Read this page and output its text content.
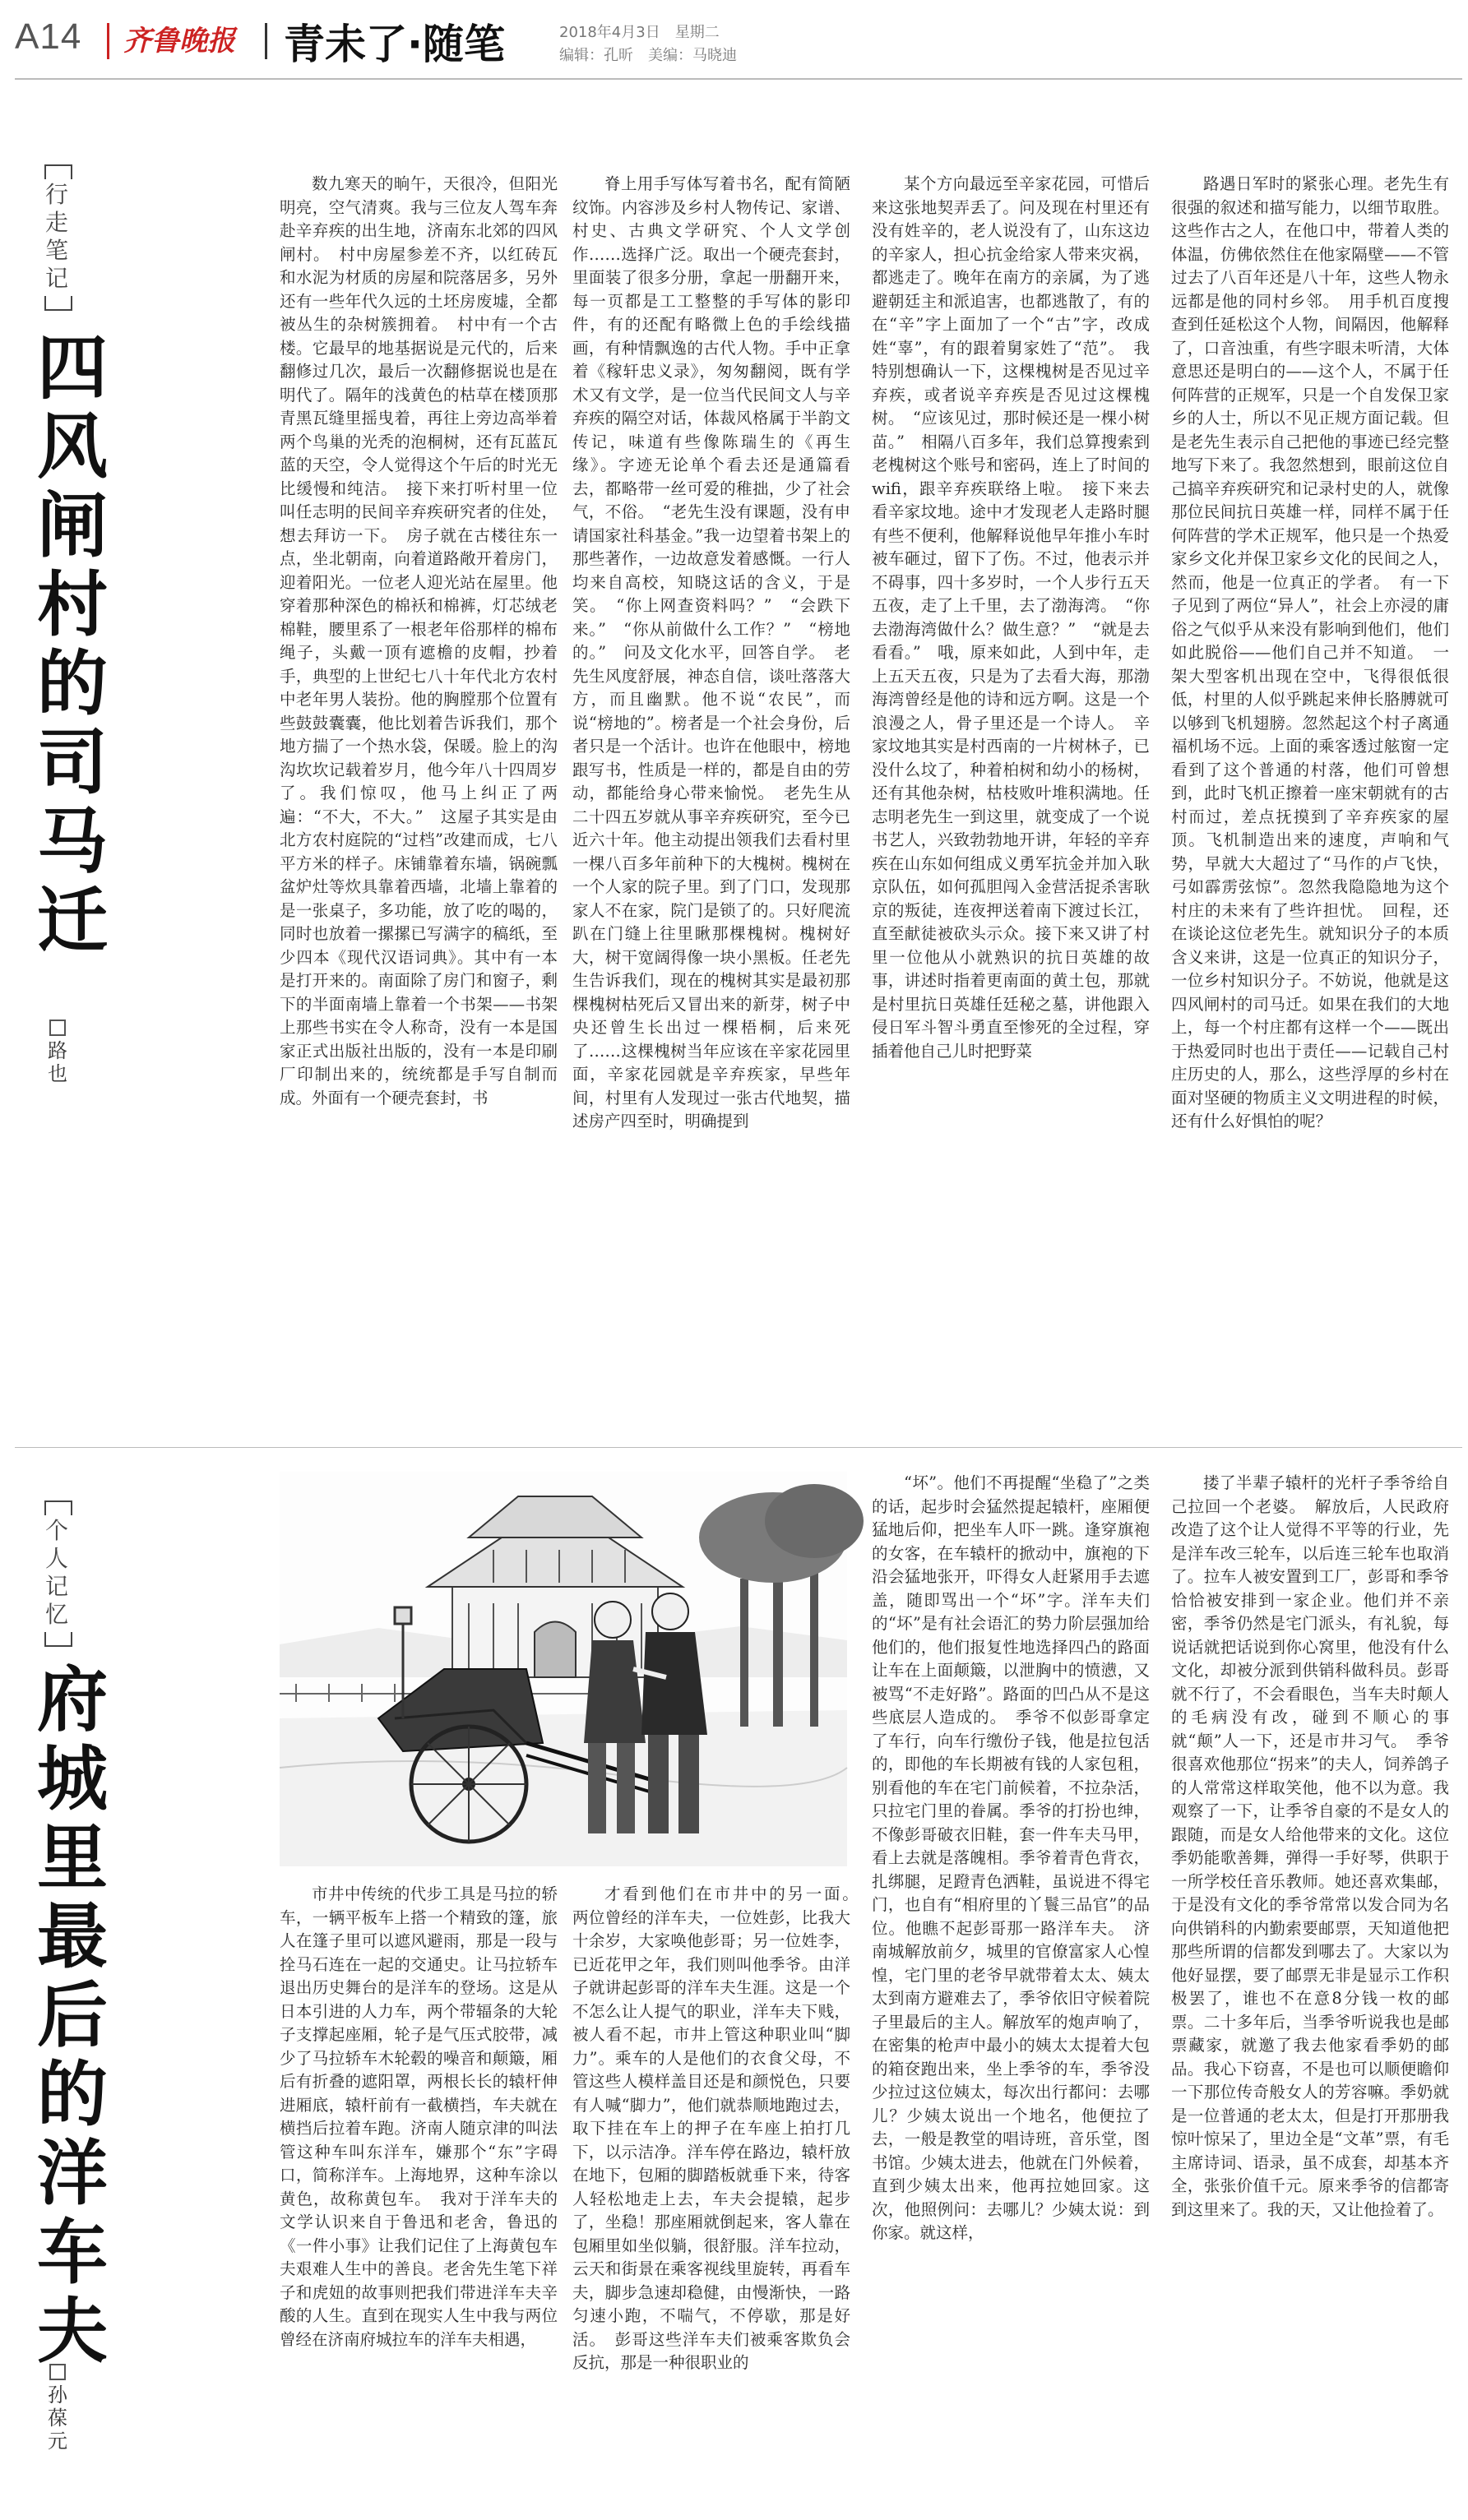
A14 齐鲁晚报 青未了·随笔	2018年4月3日　星期二
编辑：孔昕　美编：马晓迪
行走笔记
四风闸村的司马迁
路也

数九寒天的晌午，天很冷，但阳光明亮，空气清爽。我与三位友人驾车奔赴辛弃疾的出生地，济南东北郊的四风闸村。　村中房屋参差不齐，以红砖瓦和水泥为材质的房屋和院落居多，另外还有一些年代久远的土坯房废墟，全都被丛生的杂树簇拥着。　村中有一个古楼。它最早的地基据说是元代的，后来翻修过几次，最后一次翻修据说也是在明代了。隔年的浅黄色的枯草在楼顶那青黑瓦缝里摇曳着，再往上旁边高举着两个鸟巢的光秃的泡桐树，还有瓦蓝瓦蓝的天空，令人觉得这个午后的时光无比缓慢和纯洁。　接下来打听村里一位叫任志明的民间辛弃疾研究者的住处，想去拜访一下。　房子就在古楼往东一点，坐北朝南，向着道路敞开着房门，迎着阳光。一位老人迎光站在屋里。他穿着那种深色的棉袄和棉裤，灯芯绒老棉鞋，腰里系了一根老年俗那样的棉布绳子，头戴一顶有遮檐的皮帽，抄着手，典型的上世纪七八十年代北方农村中老年男人装扮。他的胸膛那个位置有些鼓鼓囊囊，他比划着告诉我们，那个地方揣了一个热水袋，保暖。脸上的沟沟坎坎记载着岁月，他今年八十四周岁了。我们惊叹，他马上纠正了两遍：“不大，不大。”　这屋子其实是由北方农村庭院的“过档”改建而成，七八平方米的样子。床铺靠着东墙，锅碗瓢盆炉灶等炊具靠着西墙，北墙上靠着的是一张桌子，多功能，放了吃的喝的，同时也放着一摞摞已写满字的稿纸，至少四本《现代汉语词典》。其中有一本是打开来的。南面除了房门和窗子，剩下的半面南墙上靠着一个书架——书架上那些书实在令人称奇，没有一本是国家正式出版社出版的，没有一本是印刷厂印制出来的，统统都是手写自制而成。外面有一个硬壳套封，书

脊上用手写体写着书名，配有简陋纹饰。内容涉及乡村人物传记、家谱、村史、古典文学研究、个人文学创作……选择广泛。取出一个硬壳套封，里面装了很多分册，拿起一册翻开来，每一页都是工工整整的手写体的影印件，有的还配有略微上色的手绘线描画，有种情飘逸的古代人物。手中正拿着《稼轩忠义录》，匆匆翻阅，既有学术又有文学，是一位当代民间文人与辛弃疾的隔空对话，体裁风格属于半韵文传记，味道有些像陈瑞生的《再生缘》。字迹无论单个看去还是通篇看去，都略带一丝可爱的稚拙，少了社会气，不俗。　“老先生没有课题，没有申请国家社科基金。”我一边望着书架上的那些著作，一边故意发着感慨。一行人均来自高校，知晓这话的含义，于是笑。　“你上网查资料吗？”　“会跌下来。”　“你从前做什么工作？”　“榜地的。”　问及文化水平，回答自学。　老先生风度舒展，神态自信，谈吐落落大方，而且幽默。他不说“农民”，而说“榜地的”。榜者是一个社会身份，后者只是一个活计。也许在他眼中，榜地跟写书，性质是一样的，都是自由的劳动，都能给身心带来愉悦。　老先生从二十四五岁就从事辛弃疾研究，至今已近六十年。他主动提出领我们去看村里一棵八百多年前种下的大槐树。槐树在一个人家的院子里。到了门口，发现那家人不在家，院门是锁了的。只好爬流趴在门缝上往里瞅那棵槐树。槐树好大，树干宽阔得像一块小黑板。任老先生告诉我们，现在的槐树其实是最初那棵槐树枯死后又冒出来的新芽，树子中央还曾生长出过一棵梧桐，后来死了……这棵槐树当年应该在辛家花园里面，辛家花园就是辛弃疾家，早些年间，村里有人发现过一张古代地契，描述房产四至时，明确提到

某个方向最远至辛家花园，可惜后来这张地契弄丢了。问及现在村里还有没有姓辛的，老人说没有了，山东这边的辛家人，担心抗金给家人带来灾祸，都逃走了。晚年在南方的亲属，为了逃避朝廷主和派追害，也都逃散了，有的在“辛”字上面加了一个“古”字，改成姓“辜”，有的跟着舅家姓了“范”。　我特别想确认一下，这棵槐树是否见过辛弃疾，或者说辛弃疾是否见过这棵槐树。　“应该见过，那时候还是一棵小树苗。”　相隔八百多年，我们总算搜索到老槐树这个账号和密码，连上了时间的wifi，跟辛弃疾联络上啦。　接下来去看辛家坟地。途中才发现老人走路时腿有些不便利，他解释说他早年推小车时被车砸过，留下了伤。不过，他表示并不碍事，四十多岁时，一个人步行五天五夜，走了上千里，去了渤海湾。　“你去渤海湾做什么？做生意？”　“就是去看看。”　哦，原来如此，人到中年，走上五天五夜，只是为了去看大海，那渤海湾曾经是他的诗和远方啊。这是一个浪漫之人，骨子里还是一个诗人。　辛家坟地其实是村西南的一片树林子，已没什么坟了，种着柏树和幼小的杨树，还有其他杂树，枯枝败叶堆积满地。任志明老先生一到这里，就变成了一个说书艺人，兴致勃勃地开讲，年轻的辛弃疾在山东如何组成义勇军抗金并加入耿京队伍，如何孤胆闯入金营活捉杀害耿京的叛徒，连夜押送着南下渡过长江，直至献徒被砍头示众。接下来又讲了村里一位他从小就熟识的抗日英雄的故事，讲述时指着更南面的黄土包，那就是村里抗日英雄任廷秘之墓，讲他跟入侵日军斗智斗勇直至惨死的全过程，穿插着他自己儿时把野菜

路遇日军时的紧张心理。老先生有很强的叙述和描写能力，以细节取胜。这些作古之人，在他口中，带着人类的体温，仿佛依然住在他家隔壁——不管过去了八百年还是八十年，这些人物永远都是他的同村乡邻。　用手机百度搜查到任延松这个人物，间隔因，他解释了，口音浊重，有些字眼未听清，大体意思还是明白的——这个人，不属于任何阵营的正规军，只是一个自发保卫家乡的人士，所以不见正规方面记载。但是老先生表示自己把他的事迹已经完整地写下来了。我忽然想到，眼前这位自己搞辛弃疾研究和记录村史的人，就像那位民间抗日英雄一样，同样不属于任何阵营的学术正规军，他只是一个热爱家乡文化并保卫家乡文化的民间之人，然而，他是一位真正的学者。　有一下子见到了两位“异人”，社会上亦浸的庸俗之气似乎从来没有影响到他们，他们如此脱俗——他们自己并不知道。　一架大型客机出现在空中，飞得很低很低，村里的人似乎跳起来伸长胳膊就可以够到飞机翅膀。忽然起这个村子离通福机场不远。上面的乘客透过舷窗一定看到了这个普通的村落，他们可曾想到，此时飞机正擦着一座宋朝就有的古村而过，差点抚摸到了辛弃疾家的屋顶。飞机制造出来的速度，声响和气势，早就大大超过了“马作的卢飞快，弓如霹雳弦惊”。忽然我隐隐地为这个村庄的未来有了些许担忧。　回程，还在谈论这位老先生。就知识分子的本质含义来讲，这是一位真正的知识分子，一位乡村知识分子。不妨说，他就是这四风闸村的司马迁。如果在我们的大地上，每一个村庄都有这样一个——既出于热爱同时也出于责任——记载自己村庄历史的人，那么，这些浮厚的乡村在面对坚硬的物质主义文明进程的时候，还有什么好惧怕的呢？

个人记忆
府城里最后的洋车夫
孙葆元

市井中传统的代步工具是马拉的轿车，一辆平板车上搭一个精致的篷，旅人在篷子里可以遮风避雨，那是一段与拴马石连在一起的交通史。让马拉轿车退出历史舞台的是洋车的登场。这是从日本引进的人力车，两个带辐条的大轮子支撑起座厢，轮子是气压式胶带，减少了马拉轿车木轮毂的噪音和颠簸，厢后有折叠的遮阳罩，两根长长的辕杆伸进厢底，辕杆前有一截横挡，车夫就在横挡后拉着车跑。济南人随京津的叫法管这种车叫东洋车，嫌那个“东”字碍口，简称洋车。上海地界，这种车涂以黄色，故称黄包车。　我对于洋车夫的文学认识来自于鲁迅和老舍，鲁迅的《一件小事》让我们记住了上海黄包车夫艰难人生中的善良。老舍先生笔下祥子和虎妞的故事则把我们带进洋车夫辛酸的人生。直到在现实人生中我与两位曾经在济南府城拉车的洋车夫相遇，

才看到他们在市井中的另一面。　两位曾经的洋车夫，一位姓彭，比我大十余岁，大家唤他彭哥；另一位姓李，已近花甲之年，我们则叫他季爷。由洋子就讲起彭哥的洋车夫生涯。这是一个不怎么让人提气的职业，洋车夫下贱，被人看不起，市井上管这种职业叫“脚力”。乘车的人是他们的衣食父母，不管这些人模样盖目还是和颜悦色，只要有人喊“脚力”，他们就恭顺地跑过去，取下挂在车上的押子在车座上拍打几下，以示洁净。洋车停在路边，辕杆放在地下，包厢的脚踏板就垂下来，待客人轻松地走上去，车夫会提辕，起步了，坐稳！那座厢就倒起来，客人靠在包厢里如坐似躺，很舒服。洋车拉动，云天和街景在乘客视线里旋转，再看车夫，脚步急速却稳健，由慢渐快，一路匀速小跑，不喘气，不停歇，那是好活。　彭哥这些洋车夫们被乘客欺负会反抗，那是一种很职业的

“坏”。他们不再提醒“坐稳了”之类的话，起步时会猛然提起辕杆，座厢便猛地后仰，把坐车人吓一跳。逢穿旗袍的女客，在车辕杆的掀动中，旗袍的下沿会猛地张开，吓得女人赶紧用手去遮盖，随即骂出一个“坏”字。洋车夫们的“坏”是有社会语汇的势力阶层强加给他们的，他们报复性地选择四凸的路面让车在上面颠簸，以泄胸中的愤懑，又被骂“不走好路”。路面的凹凸从不是这些底层人造成的。　季爷不似彭哥拿定了车行，向车行缴份子钱，他是拉包活的，即他的车长期被有钱的人家包租，别看他的车在宅门前候着，不拉杂活，只拉宅门里的眷属。季爷的打扮也绅，不像彭哥破衣旧鞋，套一件车夫马甲，看上去就是落魄相。季爷着青色背衣，扎绑腿，足蹬青色洒鞋，虽说进不得宅门，也自有“相府里的丫鬟三品官”的品位。他瞧不起彭哥那一路洋车夫。　济南城解放前夕，城里的官僚富家人心惶惶，宅门里的老爷早就带着太太、姨太太到南方避难去了，季爷依旧守候着院子里最后的主人。解放军的炮声响了，在密集的枪声中最小的姨太太提着大包的箱奁跑出来，坐上季爷的车，季爷没少拉过这位姨太，每次出行都问：去哪儿？少姨太说出一个地名，他便拉了去，一般是教堂的唱诗班，音乐堂，图书馆。少姨太进去，他就在门外候着，直到少姨太出来，他再拉她回家。这次，他照例问：去哪儿？少姨太说：到你家。就这样，

搂了半辈子辕杆的光杆子季爷给自己拉回一个老婆。　解放后，人民政府改造了这个让人觉得不平等的行业，先是洋车改三轮车，以后连三轮车也取消了。拉车人被安置到工厂，彭哥和季爷恰恰被安排到一家企业。他们并不亲密，季爷仍然是宅门派头，有礼貌，每说话就把话说到你心窝里，他没有什么文化，却被分派到供销科做科员。彭哥就不行了，不会看眼色，当车夫时颠人的毛病没有改，碰到不顺心的事就“颠”人一下，还是市井习气。　季爷很喜欢他那位“拐来”的夫人，饲养鸽子的人常常这样取笑他，他不以为意。我观察了一下，让季爷自豪的不是女人的跟随，而是女人给他带来的文化。这位季奶能歌善舞，弹得一手好琴，供职于一所学校任音乐教师。她还喜欢集邮，于是没有文化的季爷常常以发合同为名向供销科的内勤索要邮票，天知道他把那些所谓的信都发到哪去了。大家以为他好显摆，要了邮票无非是显示工作积极罢了，谁也不在意8分钱一枚的邮票。二十多年后，当季爷听说我也是邮票藏家，就邀了我去他家看季奶的邮品。我心下窃喜，不是也可以顺便瞻仰一下那位传奇般女人的芳容嘛。季奶就是一位普通的老太太，但是打开那册我惊叶惊呆了，里边全是“文革”票，有毛主席诗词、语录，虽不成套，却基本齐全，张张价值千元。原来季爷的信都寄到这里来了。我的天，又让他捡着了。
